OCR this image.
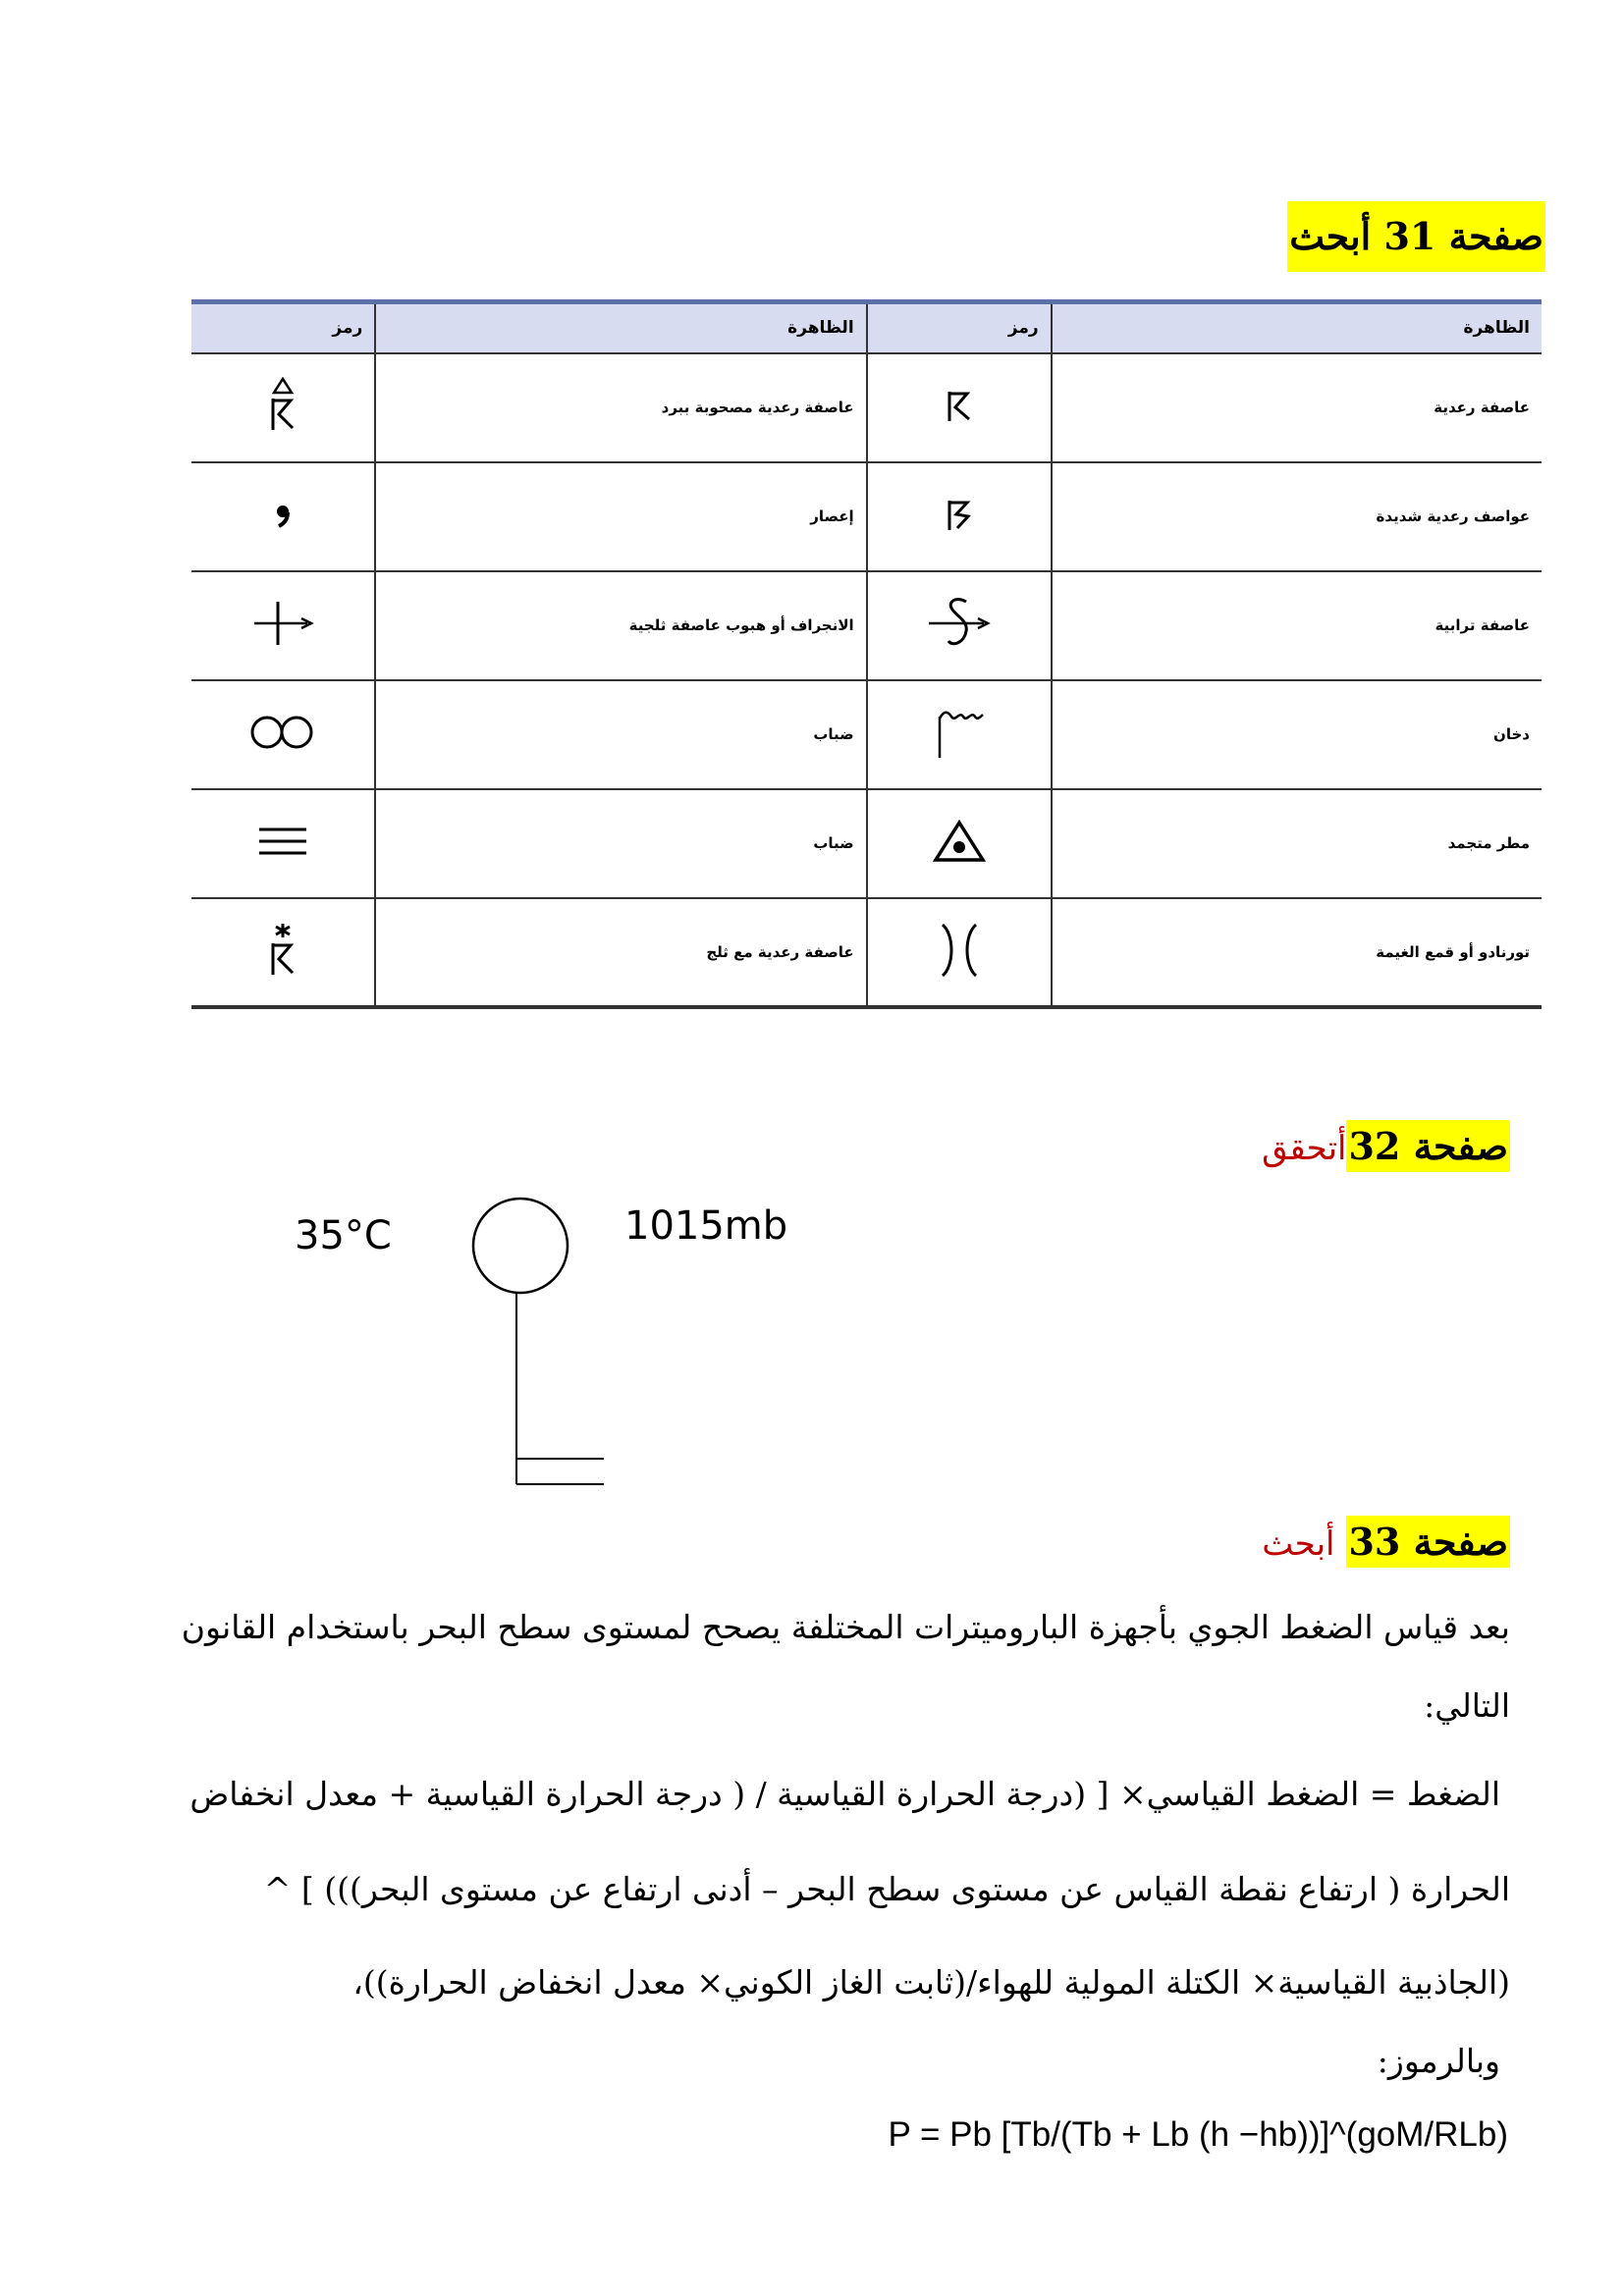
صفحة 31 أبحث
الظاهرة	رمز	الظاهرة	رمز
عاصفة رعدية		عاصفة رعدية مصحوبة ببرد	
عواصف رعدية شديدة		إعصار	
عاصفة ترابية		الانجراف أو هبوب عاصفة ثلجية	
دخان		ضباب	
مطر متجمد		ضباب	
تورنادو أو قمع الغيمة		عاصفة رعدية مع ثلج	
صفحة 32أتحقق
35°C	1015mb
صفحة 33أبحث
بعد قياس الضغط الجوي بأجهزة الباروميترات المختلفة يصحح لمستوى سطح البحر باستخدام القانون
التالي:
الضغط = الضغط القياسي× [ (درجة الحرارة القياسية / ( درجة الحرارة القياسية + معدل انخفاض
الحرارة ( ارتفاع نقطة القياس عن مستوى سطح البحر – أدنى ارتفاع عن مستوى البحر))) ] ^
(الجاذبية القياسية× الكتلة المولية للهواء/(ثابت الغاز الكوني× معدل انخفاض الحرارة))،
وبالرموز:
P = Pb [Tb/(Tb + Lb (h −hb))]^(goM/RLb)
